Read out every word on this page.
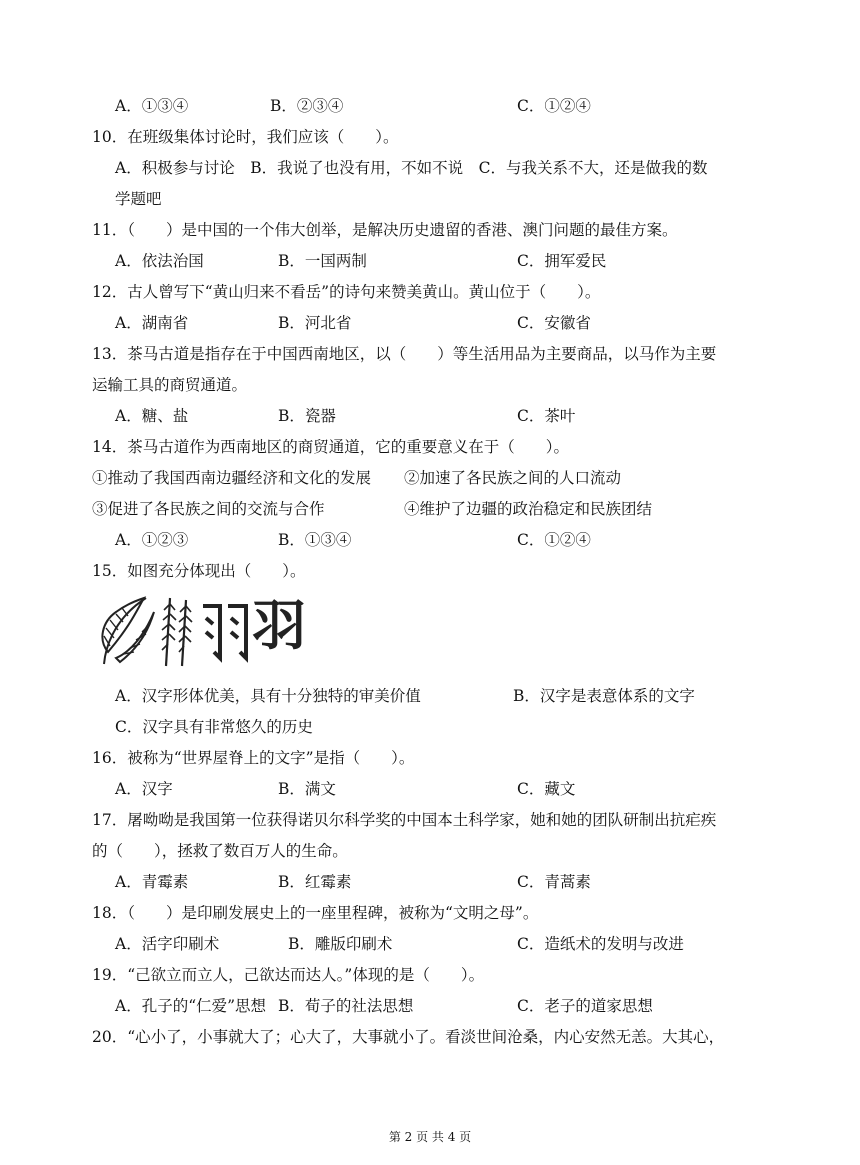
A．①③④	B．②③④	C．①②④
10．在班级集体讨论时，我们应该（　　）。
A．积极参与讨论　B．我说了也没有用，不如不说　C．与我关系不大，还是做我的数
学题吧
11．（　　）是中国的一个伟大创举，是解决历史遗留的香港、澳门问题的最佳方案。
A．依法治国	B．一国两制	C．拥军爱民
12．古人曾写下“黄山归来不看岳”的诗句来赞美黄山。黄山位于（　　）。
A．湖南省	B．河北省	C．安徽省
13．茶马古道是指存在于中国西南地区，以（　　）等生活用品为主要商品，以马作为主要
运输工具的商贸通道。
A．糖、盐	B．瓷器	C．茶叶
14．茶马古道作为西南地区的商贸通道，它的重要意义在于（　　）。
①推动了我国西南边疆经济和文化的发展 ②加速了各民族之间的人口流动
③促进了各民族之间的交流与合作	④维护了边疆的政治稳定和民族团结
A．①②③	B．①③④	C．①②④
15．如图充分体现出（　　）。
羽
A．汉字形体优美，具有十分独特的审美价值	B．汉字是表意体系的文字
C．汉字具有非常悠久的历史
16．被称为“世界屋脊上的文字”是指（　　）。
A．汉字	B．满文	C．藏文
17．屠呦呦是我国第一位获得诺贝尔科学奖的中国本土科学家，她和她的团队研制出抗疟疾
的（　　），拯救了数百万人的生命。
A．青霉素	B．红霉素	C．青蒿素
18．（　　）是印刷发展史上的一座里程碑，被称为“文明之母”。
A．活字印刷术	B．雕版印刷术	C．造纸术的发明与改进
19．“己欲立而立人，己欲达而达人。”体现的是（　　）。
A．孔子的“仁爱”思想 B．荀子的社法思想	C．老子的道家思想
20．“心小了，小事就大了；心大了，大事就小了。看淡世间沧桑，内心安然无恙。大其心，
第 2 页 共 4 页
